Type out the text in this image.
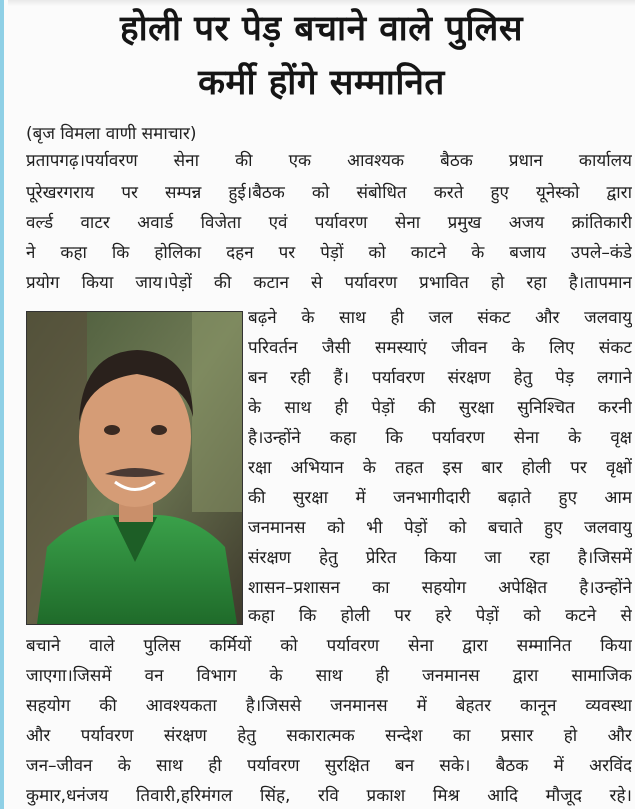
होली पर पेड़ बचाने वाले पुलिस
कर्मी होंगे सम्मानित
(बृज विमला वाणी समाचार)
प्रतापगढ़।पर्यावरण सेना की एक आवश्यक बैठक प्रधान कार्यालय
पूरेखरगराय पर सम्पन्न हुई।बैठक को संबोधित करते हुए यूनेस्को द्वारा
वर्ल्ड वाटर अवार्ड विजेता एवं पर्यावरण सेना प्रमुख अजय क्रांतिकारी
ने कहा कि होलिका दहन पर पेड़ों को काटने के बजाय उपले–कंडे
प्रयोग किया जाय।पेड़ों की कटान से पर्यावरण प्रभावित हो रहा है।तापमान
बढ़ने के साथ ही जल संकट और जलवायु
परिवर्तन जैसी समस्याएं जीवन के लिए संकट
बन रही हैं। पर्यावरण संरक्षण हेतु पेड़ लगाने
के साथ ही पेड़ों की सुरक्षा सुनिश्चित करनी
है।उन्होंने कहा कि पर्यावरण सेना के वृक्ष
रक्षा अभियान के तहत इस बार होली पर वृक्षों
की सुरक्षा में जनभागीदारी बढ़ाते हुए आम
जनमानस को भी पेड़ों को बचाते हुए जलवायु
संरक्षण हेतु प्रेरित किया जा रहा है।जिसमें
शासन–प्रशासन का सहयोग अपेक्षित है।उन्होंने
कहा कि होली पर हरे पेड़ों को कटने से
बचाने वाले पुलिस कर्मियों को पर्यावरण सेना द्वारा सम्मानित किया
जाएगा।जिसमें वन विभाग के साथ ही जनमानस द्वारा सामाजिक
सहयोग की आवश्यकता है।जिससे जनमानस में बेहतर कानून व्यवस्था
और पर्यावरण संरक्षण हेतु सकारात्मक सन्देश का प्रसार हो और
जन–जीवन के साथ ही पर्यावरण सुरक्षित बन सके। बैठक में अरविंद
कुमार,धनंजय तिवारी,हरिमंगल सिंह, रवि प्रकाश मिश्र आदि मौजूद रहे।
